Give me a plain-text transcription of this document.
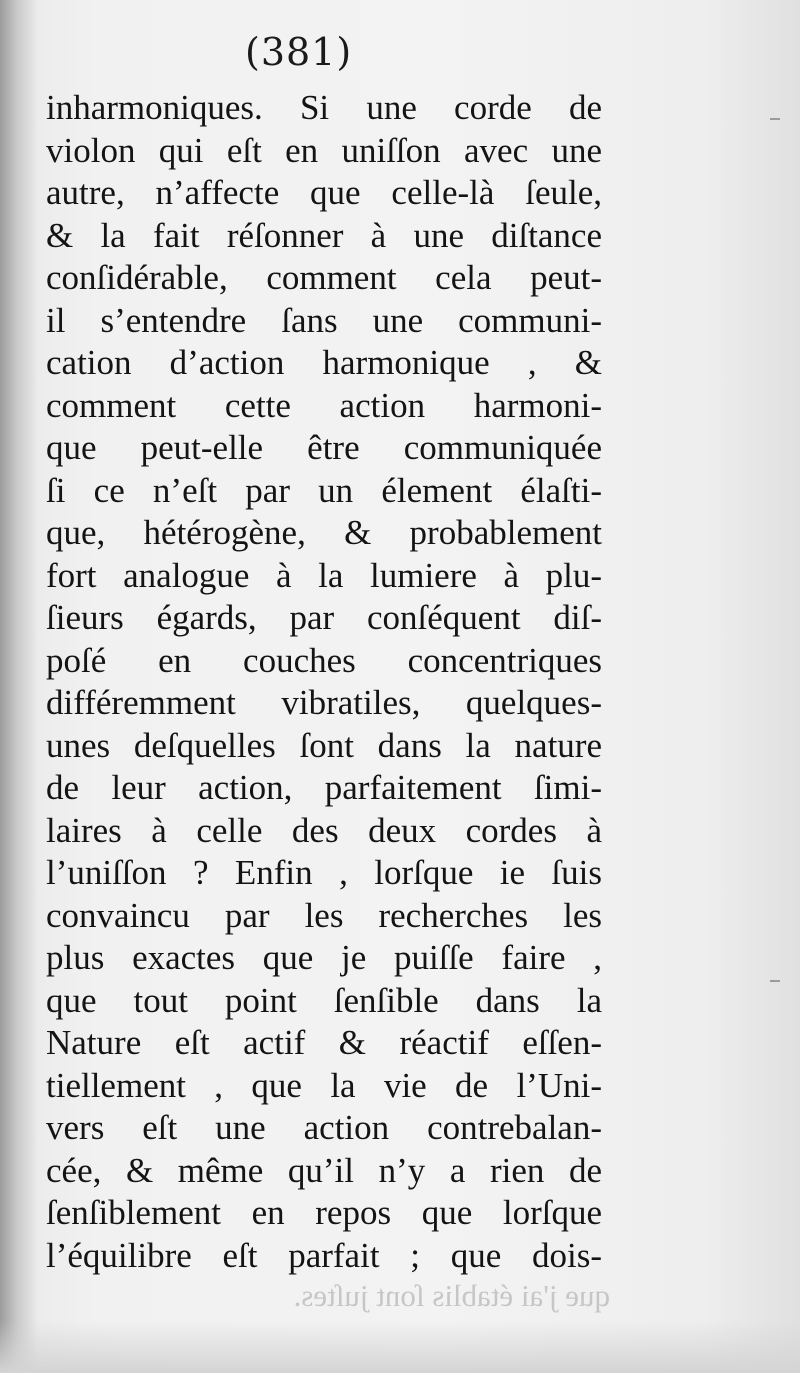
(381)
inharmoniques. Si une corde de
violon qui eſt en uniſſon avec une
autre, n’affecte que celle-là ſeule,
& la fait réſonner à une diſtance
conſidérable, comment cela peut-
il s’entendre ſans une communi-
cation d’action harmonique , &
comment cette action harmoni-
que peut-elle être communiquée
ſi ce n’eſt par un élement élaſti-
que, hétérogène, & probablement
fort analogue à la lumiere à plu-
ſieurs égards, par conſéquent diſ-
poſé en couches concentriques
différemment vibratiles, quelques-
unes deſquelles ſont dans la nature
de leur action, parfaitement ſimi-
laires à celle des deux cordes à
l’uniſſon ? Enfin , lorſque ie ſuis
convaincu par les recherches les
plus exactes que je puiſſe faire ,
que tout point ſenſible dans la
Nature eſt actif & réactif eſſen-
tiellement , que la vie de l’Uni-
vers eſt une action contrebalan-
cée, & même qu’il n’y a rien de
ſenſiblement en repos que lorſque
l’équilibre eſt parfait ; que dois-
que j'ai établis ſont juſtes.
